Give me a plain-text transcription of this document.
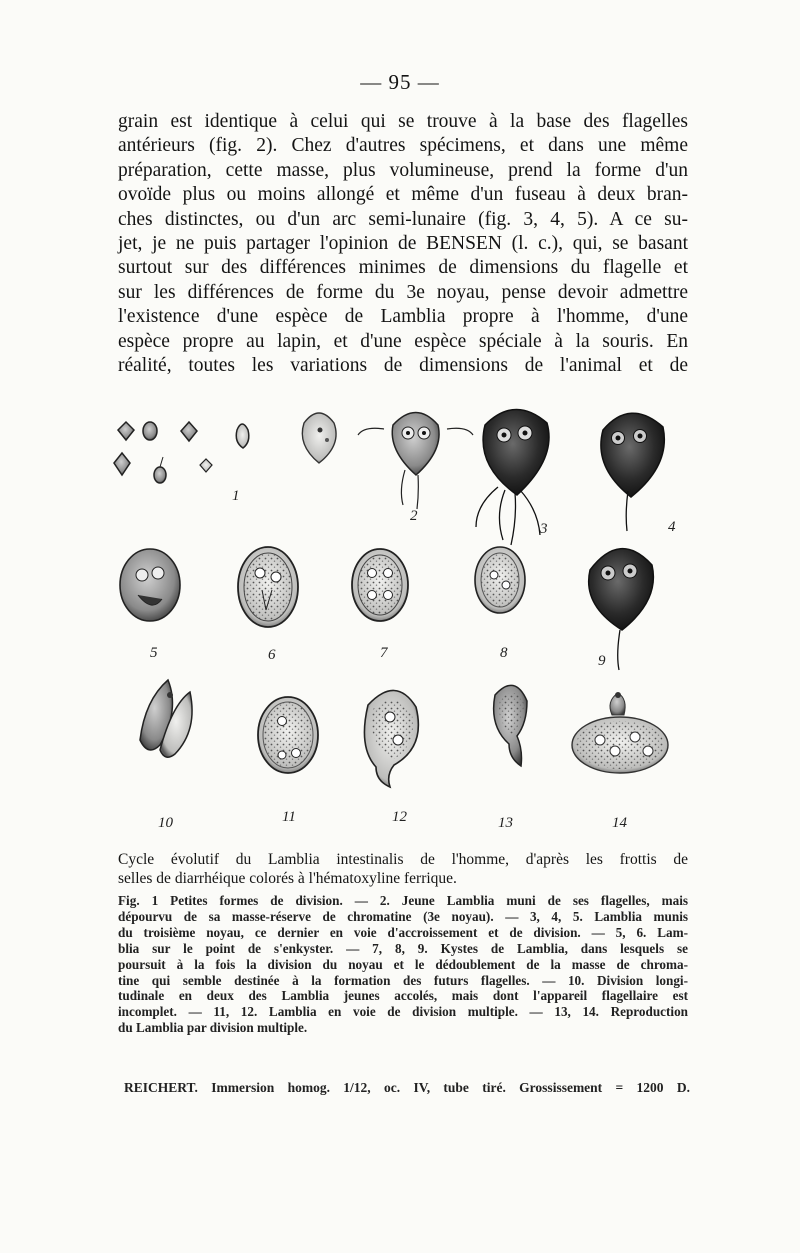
— 95 —
grain est identique à celui qui se trouve à la base des flagelles
antérieurs (fig. 2). Chez d'autres spécimens, et dans une même
préparation, cette masse, plus volumineuse, prend la forme d'un
ovoïde plus ou moins allongé et même d'un fuseau à deux bran-
ches distinctes, ou d'un arc semi-lunaire (fig. 3, 4, 5). A ce su-
jet, je ne puis partager l'opinion de BENSEN (l. c.), qui, se basant
surtout sur des différences minimes de dimensions du flagelle et
sur les différences de forme du 3e noyau, pense devoir admettre
l'existence d'une espèce de Lamblia propre à l'homme, d'une
espèce propre au lapin, et d'une espèce spéciale à la souris. En
réalité, toutes les variations de dimensions de l'animal et de
1
2
3	4
5	6	7	8	9
10	11	12	13	14
Cycle évolutif du Lamblia intestinalis de l'homme, d'après les frottis de
selles de diarrhéique colorés à l'hématoxyline ferrique.
Fig. 1 Petites formes de division. — 2. Jeune Lamblia muni de ses flagelles, mais
dépourvu de sa masse-réserve de chromatine (3e noyau). — 3, 4, 5. Lamblia munis
du troisième noyau, ce dernier en voie d'accroissement et de division. — 5, 6. Lam-
blia sur le point de s'enkyster. — 7, 8, 9. Kystes de Lamblia, dans lesquels se
poursuit à la fois la division du noyau et le dédoublement de la masse de chroma-
tine qui semble destinée à la formation des futurs flagelles. — 10. Division longi-
tudinale en deux des Lamblia jeunes accolés, mais dont l'appareil flagellaire est
incomplet. — 11, 12. Lamblia en voie de division multiple. — 13, 14. Reproduction
du Lamblia par division multiple.
REICHERT. Immersion homog. 1/12, oc. IV, tube tiré. Grossissement = 1200 D.
